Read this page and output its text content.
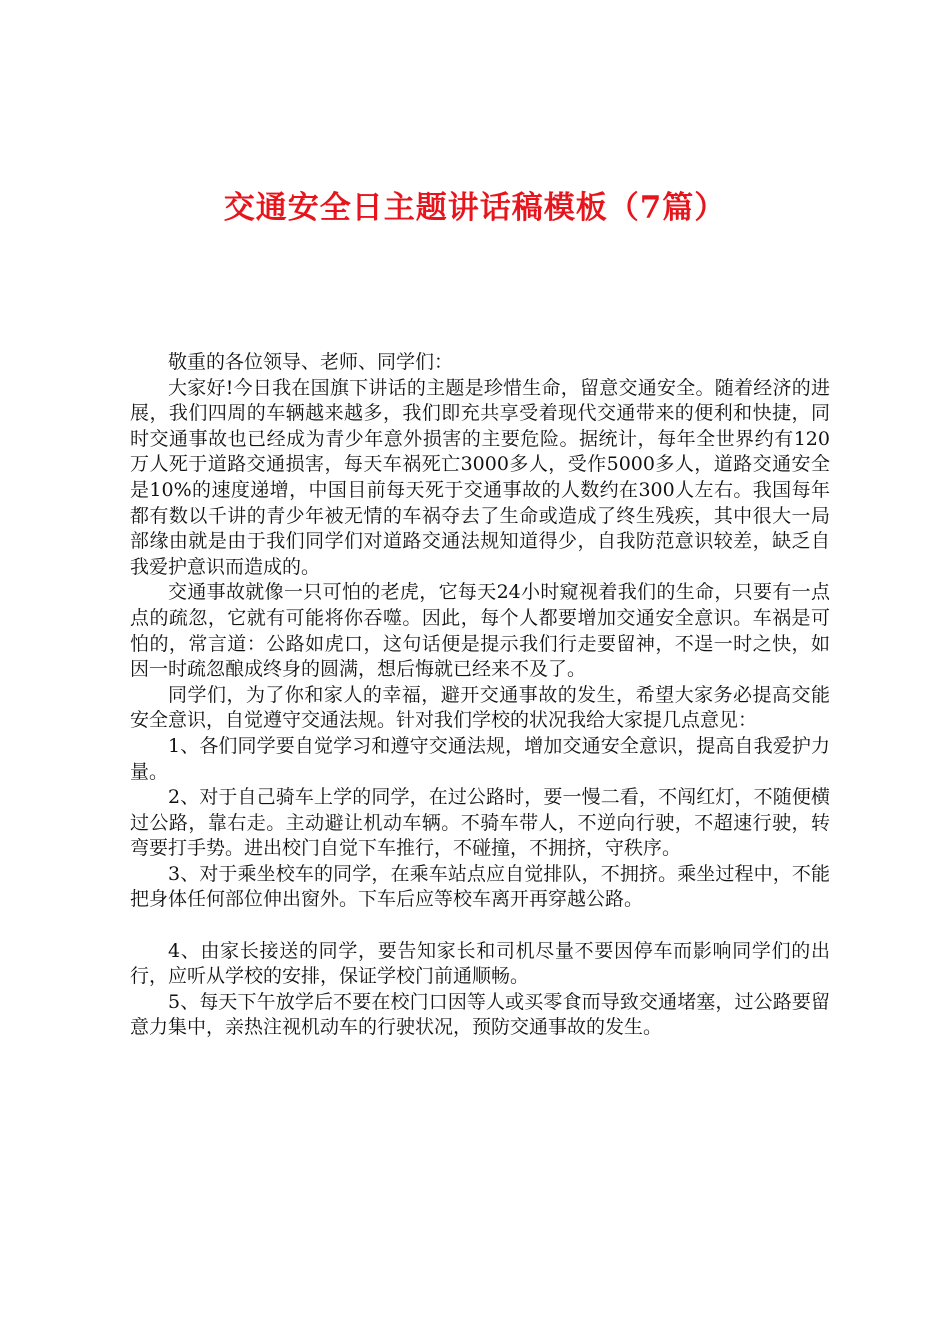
交通安全日主题讲话稿模板（7篇）

敬重的各位领导、老师、同学们：

大家好!今日我在国旗下讲话的主题是珍惜生命，留意交通安全。随着经济的进展，我们四周的车辆越来越多，我们即充共享受着现代交通带来的便利和快捷，同时交通事故也已经成为青少年意外损害的主要危险。据统计，每年全世界约有120万人死于道路交通损害，每天车祸死亡3000多人，受作5000多人，道路交通安全是10%的速度递增，中国目前每天死于交通事故的人数约在300人左右。我国每年都有数以千讲的青少年被无情的车祸夺去了生命或造成了终生残疾，其中很大一局部缘由就是由于我们同学们对道路交通法规知道得少，自我防范意识较差，缺乏自我爱护意识而造成的。

交通事故就像一只可怕的老虎，它每天24小时窥视着我们的生命，只要有一点点的疏忽，它就有可能将你吞噬。因此，每个人都要增加交通安全意识。车祸是可怕的，常言道：公路如虎口，这句话便是提示我们行走要留神，不逞一时之快，如因一时疏忽酿成终身的圆满，想后悔就已经来不及了。

同学们，为了你和家人的幸福，避开交通事故的发生，希望大家务必提高交能安全意识，自觉遵守交通法规。针对我们学校的状况我给大家提几点意见：

1、各们同学要自觉学习和遵守交通法规，增加交通安全意识，提高自我爱护力量。

2、对于自己骑车上学的同学，在过公路时，要一慢二看，不闯红灯，不随便横过公路，靠右走。主动避让机动车辆。不骑车带人，不逆向行驶，不超速行驶，转弯要打手势。进出校门自觉下车推行，不碰撞，不拥挤，守秩序。

3、对于乘坐校车的同学，在乘车站点应自觉排队，不拥挤。乘坐过程中，不能把身体任何部位伸出窗外。下车后应等校车离开再穿越公路。

4、由家长接送的同学，要告知家长和司机尽量不要因停车而影响同学们的出行，应听从学校的安排，保证学校门前通顺畅。

5、每天下午放学后不要在校门口因等人或买零食而导致交通堵塞，过公路要留意力集中，亲热注视机动车的行驶状况，预防交通事故的发生。
